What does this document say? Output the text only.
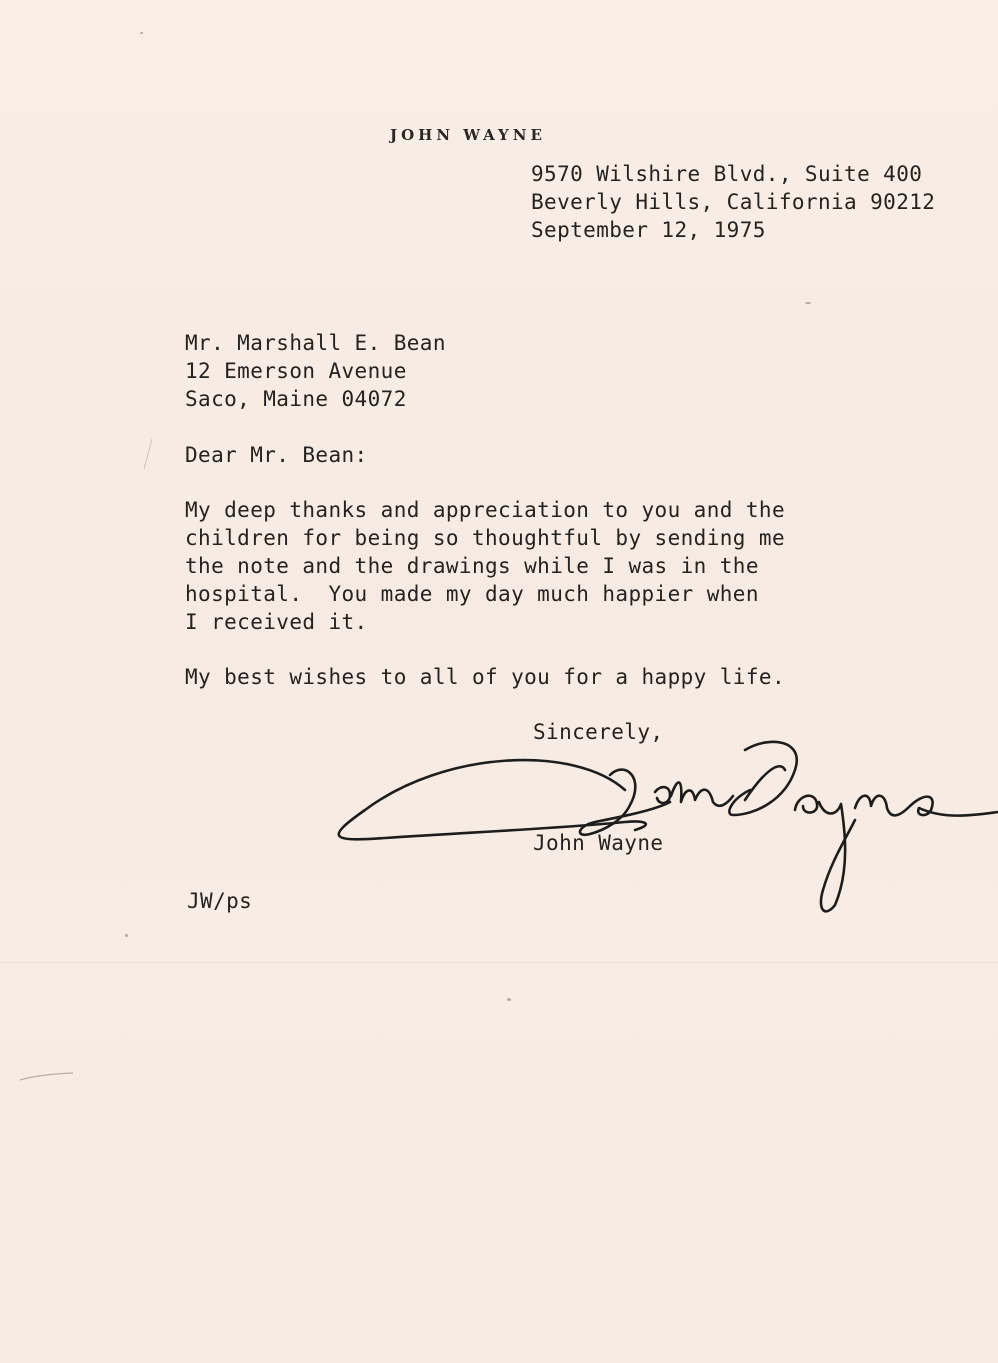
JOHN WAYNE
9570 Wilshire Blvd., Suite 400
Beverly Hills, California 90212
September 12, 1975
Mr. Marshall E. Bean
12 Emerson Avenue
Saco, Maine 04072
Dear Mr. Bean:
My deep thanks and appreciation to you and the
children for being so thoughtful by sending me
the note and the drawings while I was in the
hospital.  You made my day much happier when
I received it.
My best wishes to all of you for a happy life.
Sincerely,
John Wayne
John Wayne
JW/ps
